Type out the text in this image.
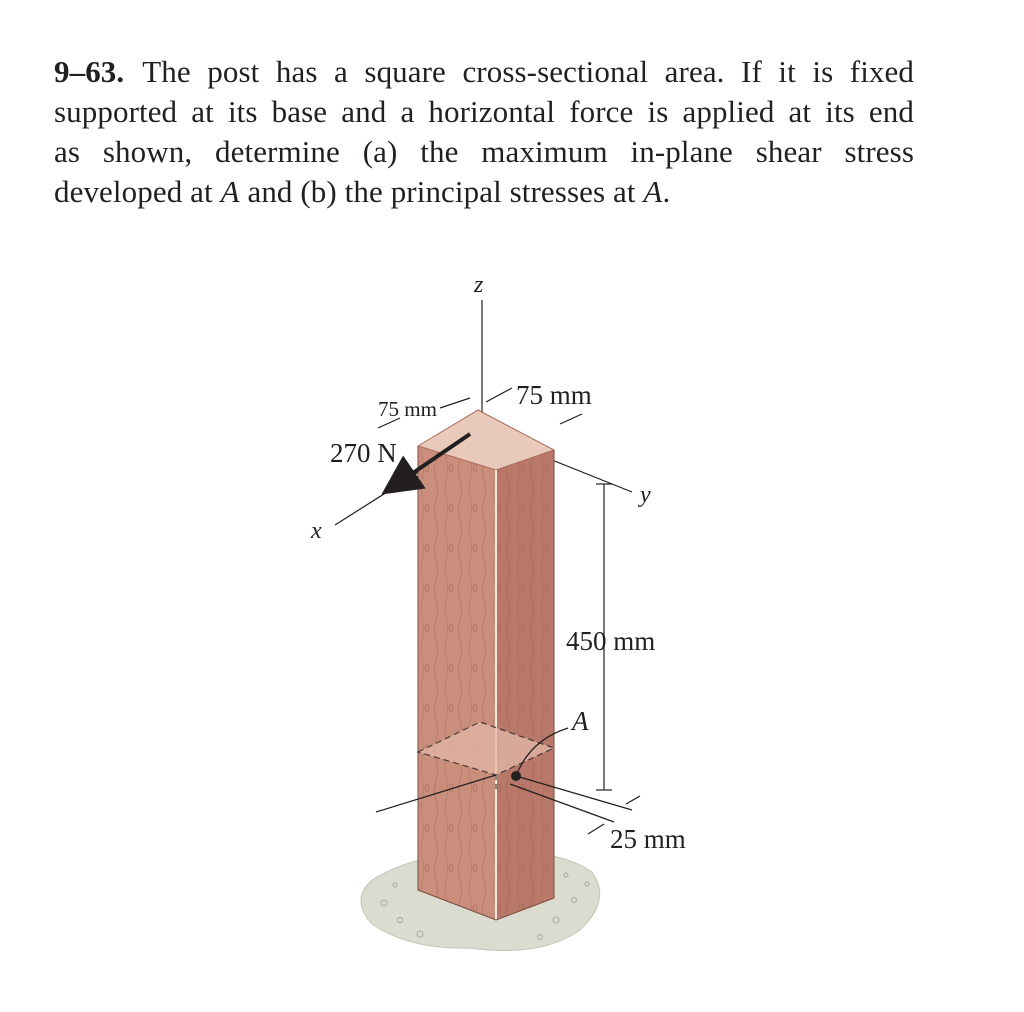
9–63. The post has a square cross-sectional area. If it is fixed
supported at its base and a horizontal force is applied at its end
as shown, determine (a) the maximum in-plane shear stress
developed at A and (b) the principal stresses at A.
z
x
y
75 mm	75 mm
270 N
450 mm
A
25 mm
